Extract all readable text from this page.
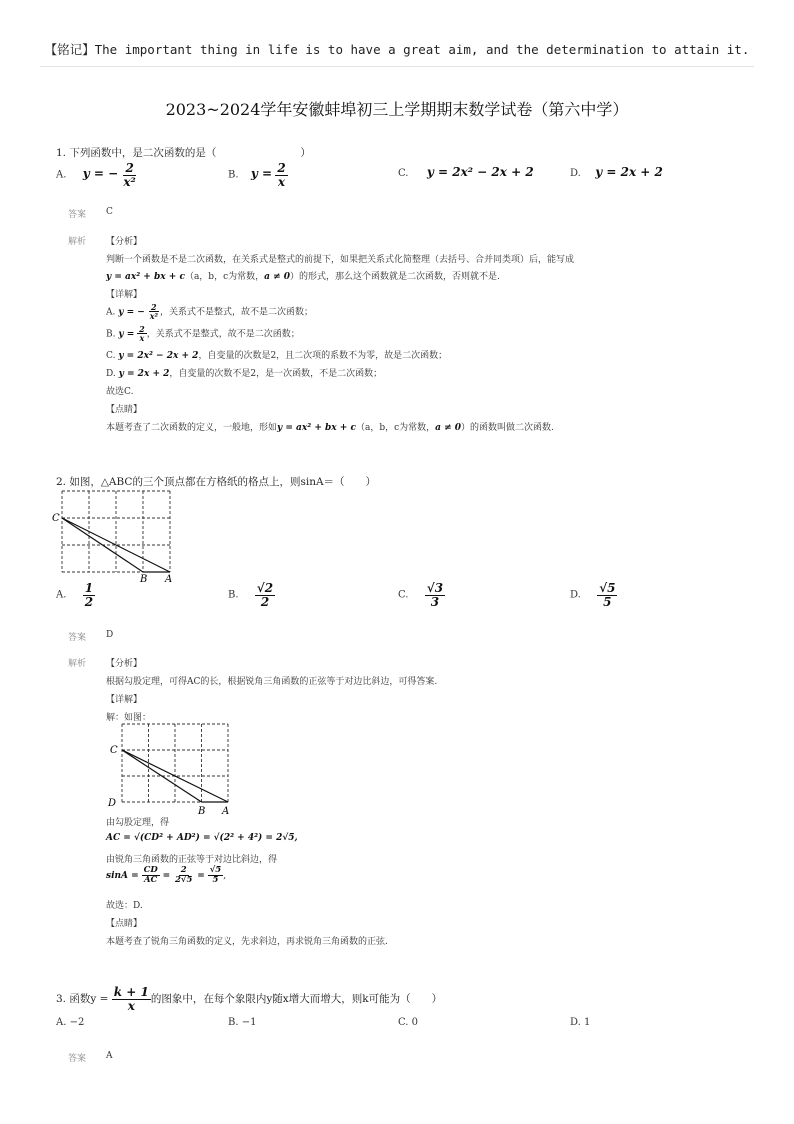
【铭记】The important thing in life is to have a great aim, and the determination to attain it.
2023~2024学年安徽蚌埠初三上学期期末数学试卷（第六中学）
1. 下列函数中，是二次函数的是（　　　　　　　　）
A. y = − $\frac{2}{\text{x²}}$	B. $y = \frac{2}{x}$	C. y = 2x² − 2x + 2	D. y = 2x + 2
答案 C
解析 【分析】
判断一个函数是不是二次函数，在关系式是整式的前提下，如果把关系式化简整理（去括号、合并同类项）后，能写成
y = ax² + bx + c（a，b，c为常数，a ≠ 0）的形式，那么这个函数就是二次函数，否则就不是.
【详解】
A. y = − $\frac{2}{\text{x²}}$ ，关系式不是整式，故不是二次函数；
B. $y = \frac{2}{x}$ ，关系式不是整式，故不是二次函数；
C. y = 2x² − 2x + 2，自变量的次数是2，且二次项的系数不为零，故是二次函数；
D. y = 2x + 2，自变量的次数不是2，是一次函数，不是二次函数；
故选C.
【点睛】
本题考查了二次函数的定义，一般地，形如y = ax² + bx + c（a，b，c为常数，a ≠ 0）的函数叫做二次函数.
2. 如图，△ABC的三个顶点都在方格纸的格点上，则sinA＝（　　）
C
B A
A. $\frac{1}{2}$	B. $\frac{√2}{2}$	C. $\frac{√3}{3}$	D. $\frac{√5}{5}$
答案 D
解析 【分析】
根据勾股定理，可得AC的长，根据锐角三角函数的正弦等于对边比斜边，可得答案.
【详解】
解：如图：
C
D
B A
由勾股定理，得
AC = √(CD² + AD²) = √(2² + 4²) = 2√5,
由锐角三角函数的正弦等于对边比斜边，得
$\sin A = \frac{CD}{AC} = \frac{2}{2√5} = \frac{√5}{5}$ ,
故选：D.
【点睛】
本题考查了锐角三角函数的定义，先求斜边，再求锐角三角函数的正弦.
3. 函数$y = \frac{k + 1}{x}$ 的图象中，在每个象限内y随x增大而增大，则k可能为（　　）
A. −2	B. −1	C. 0	D. 1
答案 A
